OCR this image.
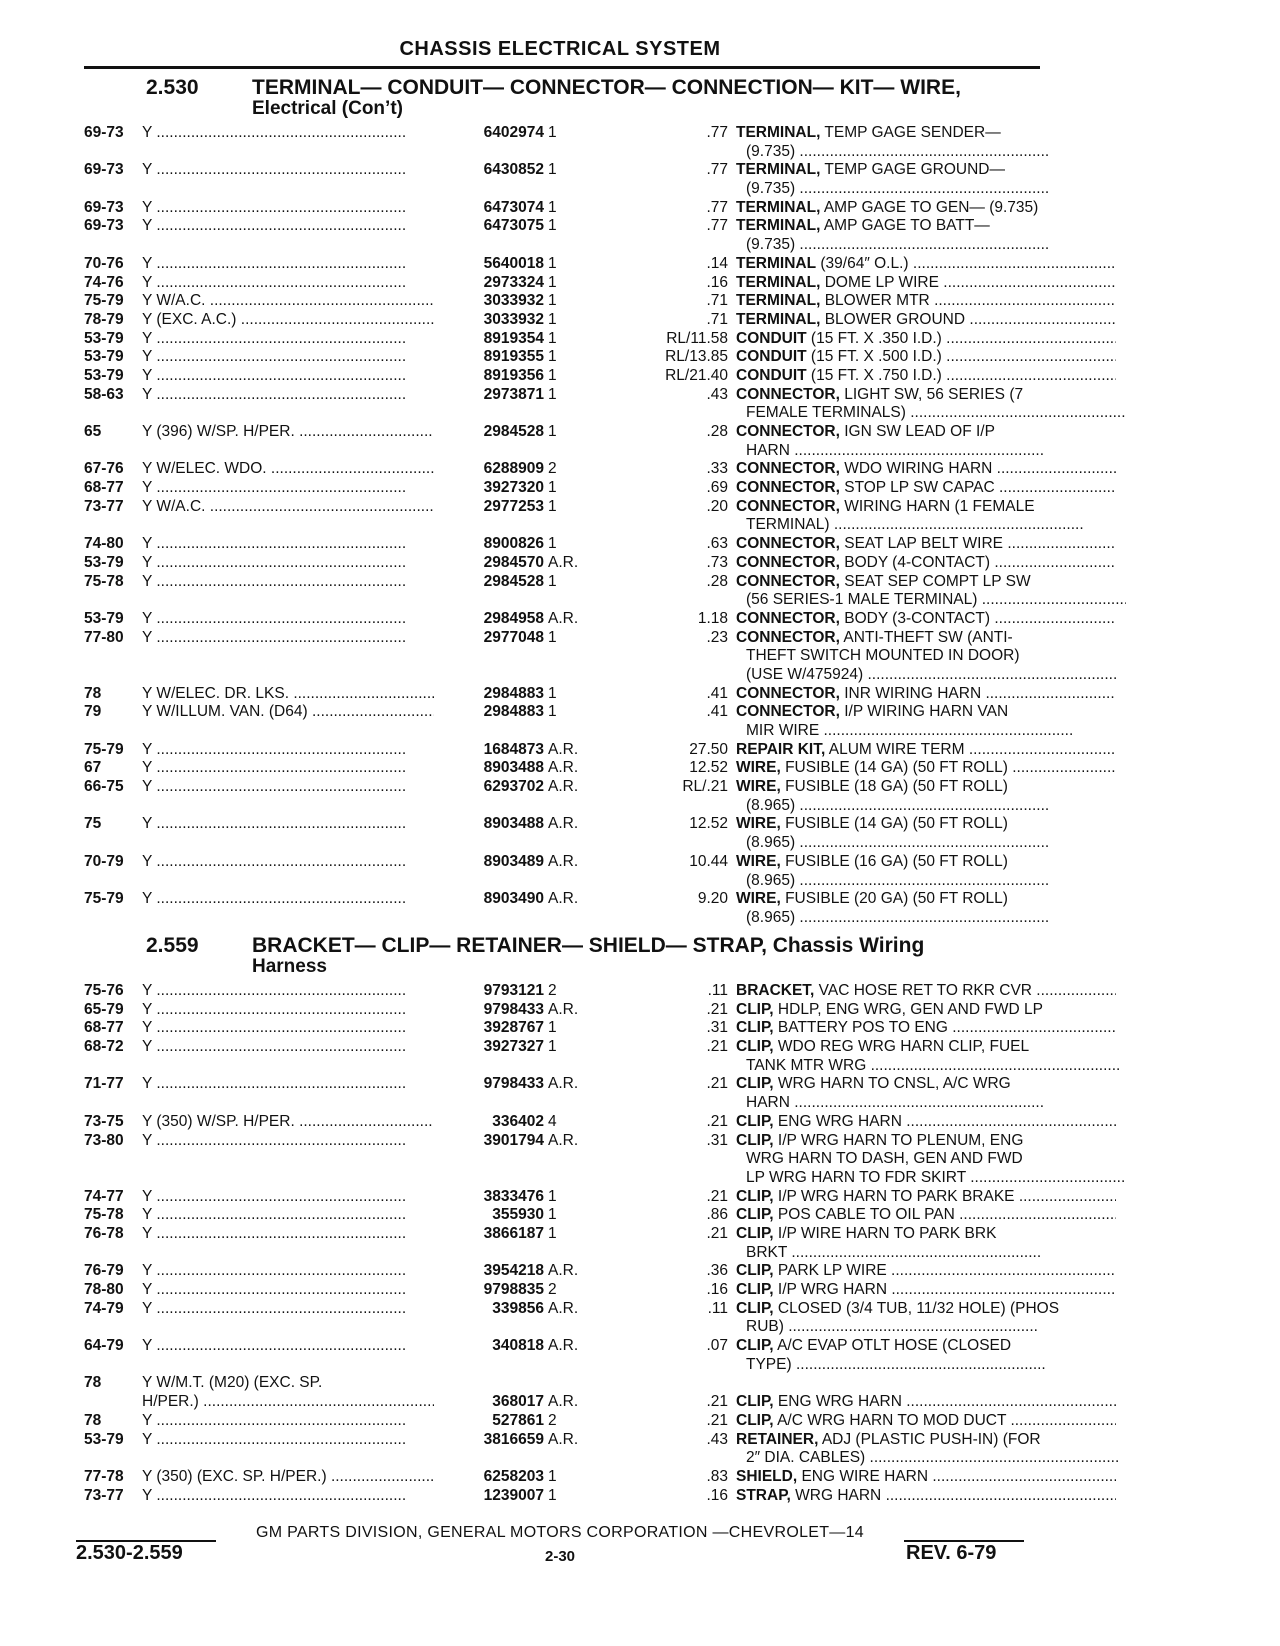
CHASSIS ELECTRICAL SYSTEM
2.530	TERMINAL— CONDUIT— CONNECTOR— CONNECTION— KIT— WIRE,
Electrical (Con’t)
69-73	Y .....	6402974 1	.77 TERMINAL, TEMP GAGE SENDER—
(9.735) .....
69-73	Y .....	6430852 1	.77 TERMINAL, TEMP GAGE GROUND—
(9.735) .....
69-73	Y .....	6473074 1	.77 TERMINAL, AMP GAGE TO GEN— (9.735)
69-73	Y .....	6473075 1	.77 TERMINAL, AMP GAGE TO BATT—
(9.735) .....
70-76	Y .....	5640018 1	.14 TERMINAL (39/64″ O.L.) .....
74-76	Y .....	2973324 1	.16 TERMINAL, DOME LP WIRE .....
75-79	Y W/A.C. .....	3033932 1	.71 TERMINAL, BLOWER MTR .....
78-79	Y (EXC. A.C.) .....	3033932 1	.71 TERMINAL, BLOWER GROUND .....
53-79	Y .....	8919354 1	RL/11.58 CONDUIT (15 FT. X .350 I.D.) .....
53-79	Y .....	8919355 1	RL/13.85 CONDUIT (15 FT. X .500 I.D.) .....
53-79	Y .....	8919356 1	RL/21.40 CONDUIT (15 FT. X .750 I.D.) .....
58-63	Y .....	2973871 1	.43 CONNECTOR, LIGHT SW, 56 SERIES (7
FEMALE TERMINALS) .....
65	Y (396) W/SP. H/PER. .....	2984528 1	.28 CONNECTOR, IGN SW LEAD OF I/P
HARN .....
67-76	Y W/ELEC. WDO. .....	6288909 2	.33 CONNECTOR, WDO WIRING HARN .....
68-77	Y .....	3927320 1	.69 CONNECTOR, STOP LP SW CAPAC .....
73-77	Y W/A.C. .....	2977253 1	.20 CONNECTOR, WIRING HARN (1 FEMALE
TERMINAL) .....
74-80	Y .....	8900826 1	.63 CONNECTOR, SEAT LAP BELT WIRE .....
53-79	Y .....	2984570 A.R.	.73 CONNECTOR, BODY (4-CONTACT) .....
75-78	Y .....	2984528 1	.28 CONNECTOR, SEAT SEP COMPT LP SW
(56 SERIES-1 MALE TERMINAL) .....
53-79	Y .....	2984958 A.R.	1.18 CONNECTOR, BODY (3-CONTACT) .....
77-80	Y .....	2977048 1	.23 CONNECTOR, ANTI-THEFT SW (ANTI-
THEFT SWITCH MOUNTED IN DOOR)
(USE W/475924) .....
78	Y W/ELEC. DR. LKS. .....	2984883 1	.41 CONNECTOR, INR WIRING HARN .....
79	Y W/ILLUM. VAN. (D64) .....	2984883 1	.41 CONNECTOR, I/P WIRING HARN VAN
MIR WIRE .....
75-79	Y .....	1684873 A.R.	27.50 REPAIR KIT, ALUM WIRE TERM .....
67	Y .....	8903488 A.R.	12.52 WIRE, FUSIBLE (14 GA) (50 FT ROLL) .....
66-75	Y .....	6293702 A.R.	RL/.21 WIRE, FUSIBLE (18 GA) (50 FT ROLL)
(8.965) .....
75	Y .....	8903488 A.R.	12.52 WIRE, FUSIBLE (14 GA) (50 FT ROLL)
(8.965) .....
70-79	Y .....	8903489 A.R.	10.44 WIRE, FUSIBLE (16 GA) (50 FT ROLL)
(8.965) .....
75-79	Y .....	8903490 A.R.	9.20 WIRE, FUSIBLE (20 GA) (50 FT ROLL)
(8.965) .....
2.559	BRACKET— CLIP— RETAINER— SHIELD— STRAP, Chassis Wiring
Harness
75-76	Y .....	9793121 2	.11 BRACKET, VAC HOSE RET TO RKR CVR .....
65-79	Y .....	9798433 A.R.	.21 CLIP, HDLP, ENG WRG, GEN AND FWD LP
68-77	Y .....	3928767 1	.31 CLIP, BATTERY POS TO ENG .....
68-72	Y .....	3927327 1	.21 CLIP, WDO REG WRG HARN CLIP, FUEL
TANK MTR WRG .....
71-77	Y .....	9798433 A.R.	.21 CLIP, WRG HARN TO CNSL, A/C WRG
HARN .....
73-75	Y (350) W/SP. H/PER. .....	336402 4	.21 CLIP, ENG WRG HARN .....
73-80	Y .....	3901794 A.R.	.31 CLIP, I/P WRG HARN TO PLENUM, ENG
WRG HARN TO DASH, GEN AND FWD
LP WRG HARN TO FDR SKIRT .....
74-77	Y .....	3833476 1	.21 CLIP, I/P WRG HARN TO PARK BRAKE .....
75-78	Y .....	355930 1	.86 CLIP, POS CABLE TO OIL PAN .....
76-78	Y .....	3866187 1	.21 CLIP, I/P WIRE HARN TO PARK BRK
BRKT .....
76-79	Y .....	3954218 A.R.	.36 CLIP, PARK LP WIRE .....
78-80	Y .....	9798835 2	.16 CLIP, I/P WRG HARN .....
74-79	Y .....	339856 A.R.	.11 CLIP, CLOSED (3/4 TUB, 11/32 HOLE) (PHOS
RUB) .....
64-79	Y .....	340818 A.R.	.07 CLIP, A/C EVAP OTLT HOSE (CLOSED
TYPE) .....
78	Y W/M.T. (M20) (EXC. SP.
H/PER.) .....	368017 A.R.	.21 CLIP, ENG WRG HARN .....
78	Y .....	527861 2	.21 CLIP, A/C WRG HARN TO MOD DUCT .....
53-79	Y .....	3816659 A.R.	.43 RETAINER, ADJ (PLASTIC PUSH-IN) (FOR
2″ DIA. CABLES) .....
77-78	Y (350) (EXC. SP. H/PER.) .....	6258203 1	.83 SHIELD, ENG WIRE HARN .....
73-77	Y .....	1239007 1	.16 STRAP, WRG HARN .....
GM PARTS DIVISION, GENERAL MOTORS CORPORATION —CHEVROLET—14
2.530-2.559	2-30	REV. 6-79
